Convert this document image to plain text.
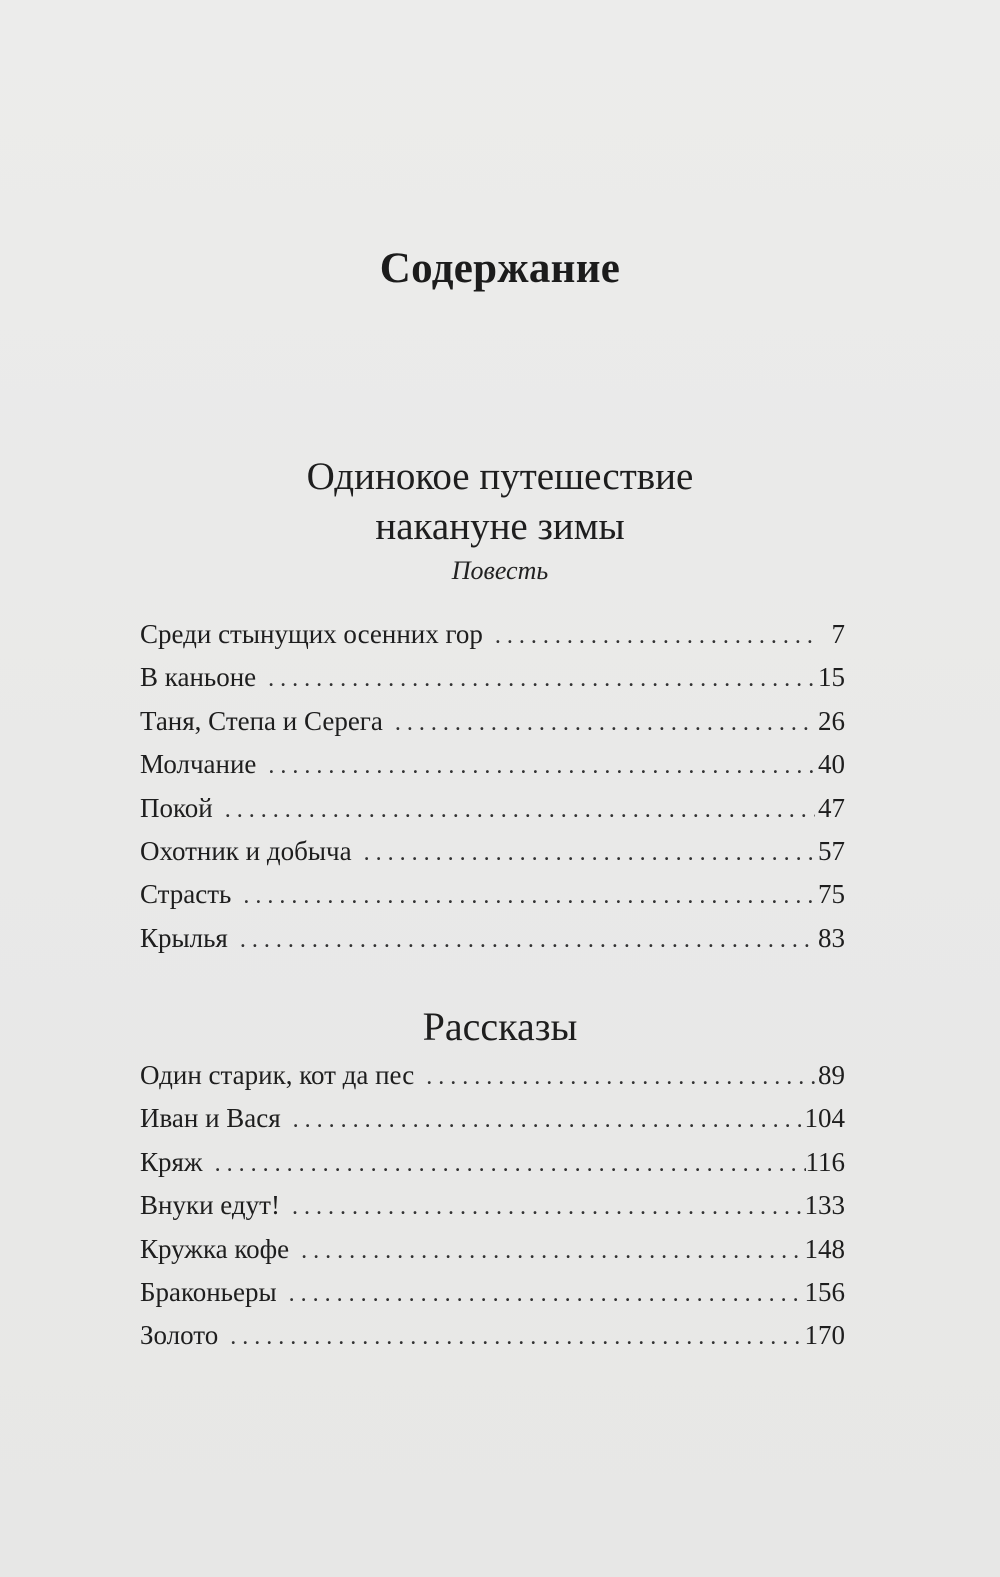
Содержание
Одинокое путешествие
накануне зимы
Повесть
Среди стынущих осенних гор . . .	7
В каньоне . . .	15
Таня, Степа и Серега . . .	26
Молчание . . .	40
Покой . . .	47
Охотник и добыча . . .	57
Страсть . . .	75
Крылья . . .	83
Рассказы
Один старик, кот да пес . . .	89
Иван и Вася . . .	104
Кряж . . .	116
Внуки едут! . . .	133
Кружка кофе . . .	148
Браконьеры . . .	156
Золото . . .	170
